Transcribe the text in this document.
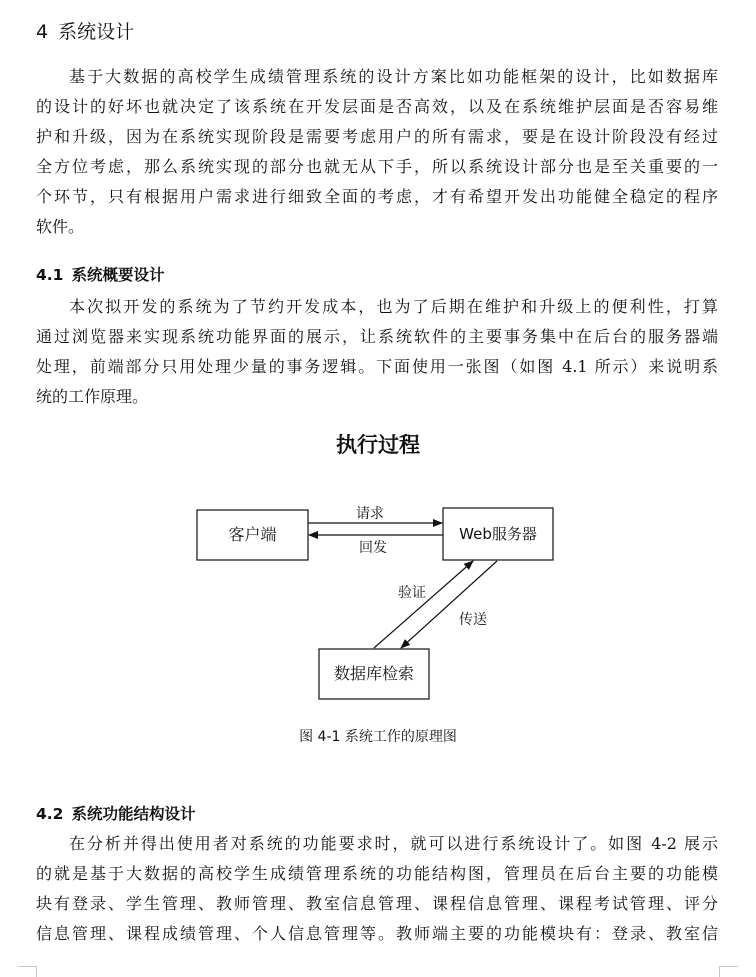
4 系统设计
基于大数据的高校学生成绩管理系统的设计方案比如功能框架的设计，比如数据库
的设计的好坏也就决定了该系统在开发层面是否高效，以及在系统维护层面是否容易维
护和升级，因为在系统实现阶段是需要考虑用户的所有需求，要是在设计阶段没有经过
全方位考虑，那么系统实现的部分也就无从下手，所以系统设计部分也是至关重要的一
个环节，只有根据用户需求进行细致全面的考虑，才有希望开发出功能健全稳定的程序
软件。
4.1 系统概要设计
本次拟开发的系统为了节约开发成本，也为了后期在维护和升级上的便利性，打算
通过浏览器来实现系统功能界面的展示，让系统软件的主要事务集中在后台的服务器端
处理，前端部分只用处理少量的事务逻辑。下面使用一张图（如图 4.1 所示）来说明系
统的工作原理。
执行过程
客户端	Web服务器
数据库检索
请求
回发
验证
传送
图 4-1 系统工作的原理图
4.2 系统功能结构设计
在分析并得出使用者对系统的功能要求时，就可以进行系统设计了。如图 4-2 展示
的就是基于大数据的高校学生成绩管理系统的功能结构图，管理员在后台主要的功能模
块有登录、学生管理、教师管理、教室信息管理、课程信息管理、课程考试管理、评分
信息管理、课程成绩管理、个人信息管理等。教师端主要的功能模块有：登录、教室信
